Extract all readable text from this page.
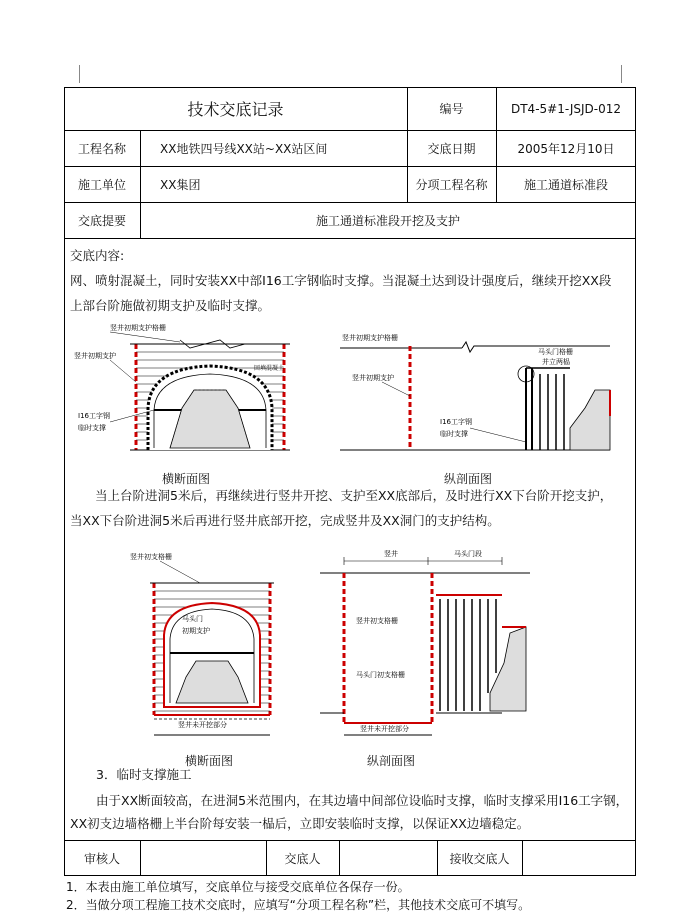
技术交底记录	编号	DT4-5#1-JSJD-012
工程名称	XX地铁四号线XX站~XX站区间	交底日期	2005年12月10日
施工单位	XX集团	分项工程名称	施工通道标准段
交底提要	施工通道标准段开挖及支护
交底内容:
网、喷射混凝土，同时安装XX中部I16工字钢临时支撑。当混凝土达到设计强度后，继续开挖XX段
上部台阶施做初期支护及临时支撑。
竖井初期支护格栅
竖井初期支护
I16工字钢
临时支撑
回填混凝土
竖井初期支护格栅
竖井初期支护
I16工字钢
临时支撑
马头门格栅
并立两榀
横断面图	纵剖面图
当上台阶进洞5米后，再继续进行竖井开挖、支护至XX底部后，及时进行XX下台阶开挖支护，
当XX下台阶进洞5米后再进行竖井底部开挖，完成竖井及XX洞门的支护结构。
竖井初支格栅
马头门
初期支护
竖井未开挖部分
竖井	马头门段
竖井初支格栅
马头门初支格栅
竖井未开挖部分
横断面图	纵剖面图
3．临时支撑施工
由于XX断面较高，在进洞5米范围内，在其边墙中间部位设临时支撑，临时支撑采用I16工字钢，
XX初支边墙格栅上半台阶每安装一榀后，立即安装临时支撑，以保证XX边墙稳定。
审核人	交底人	接收交底人
1．本表由施工单位填写，交底单位与接受交底单位各保存一份。
2．当做分项工程施工技术交底时，应填写“分项工程名称”栏，其他技术交底可不填写。
